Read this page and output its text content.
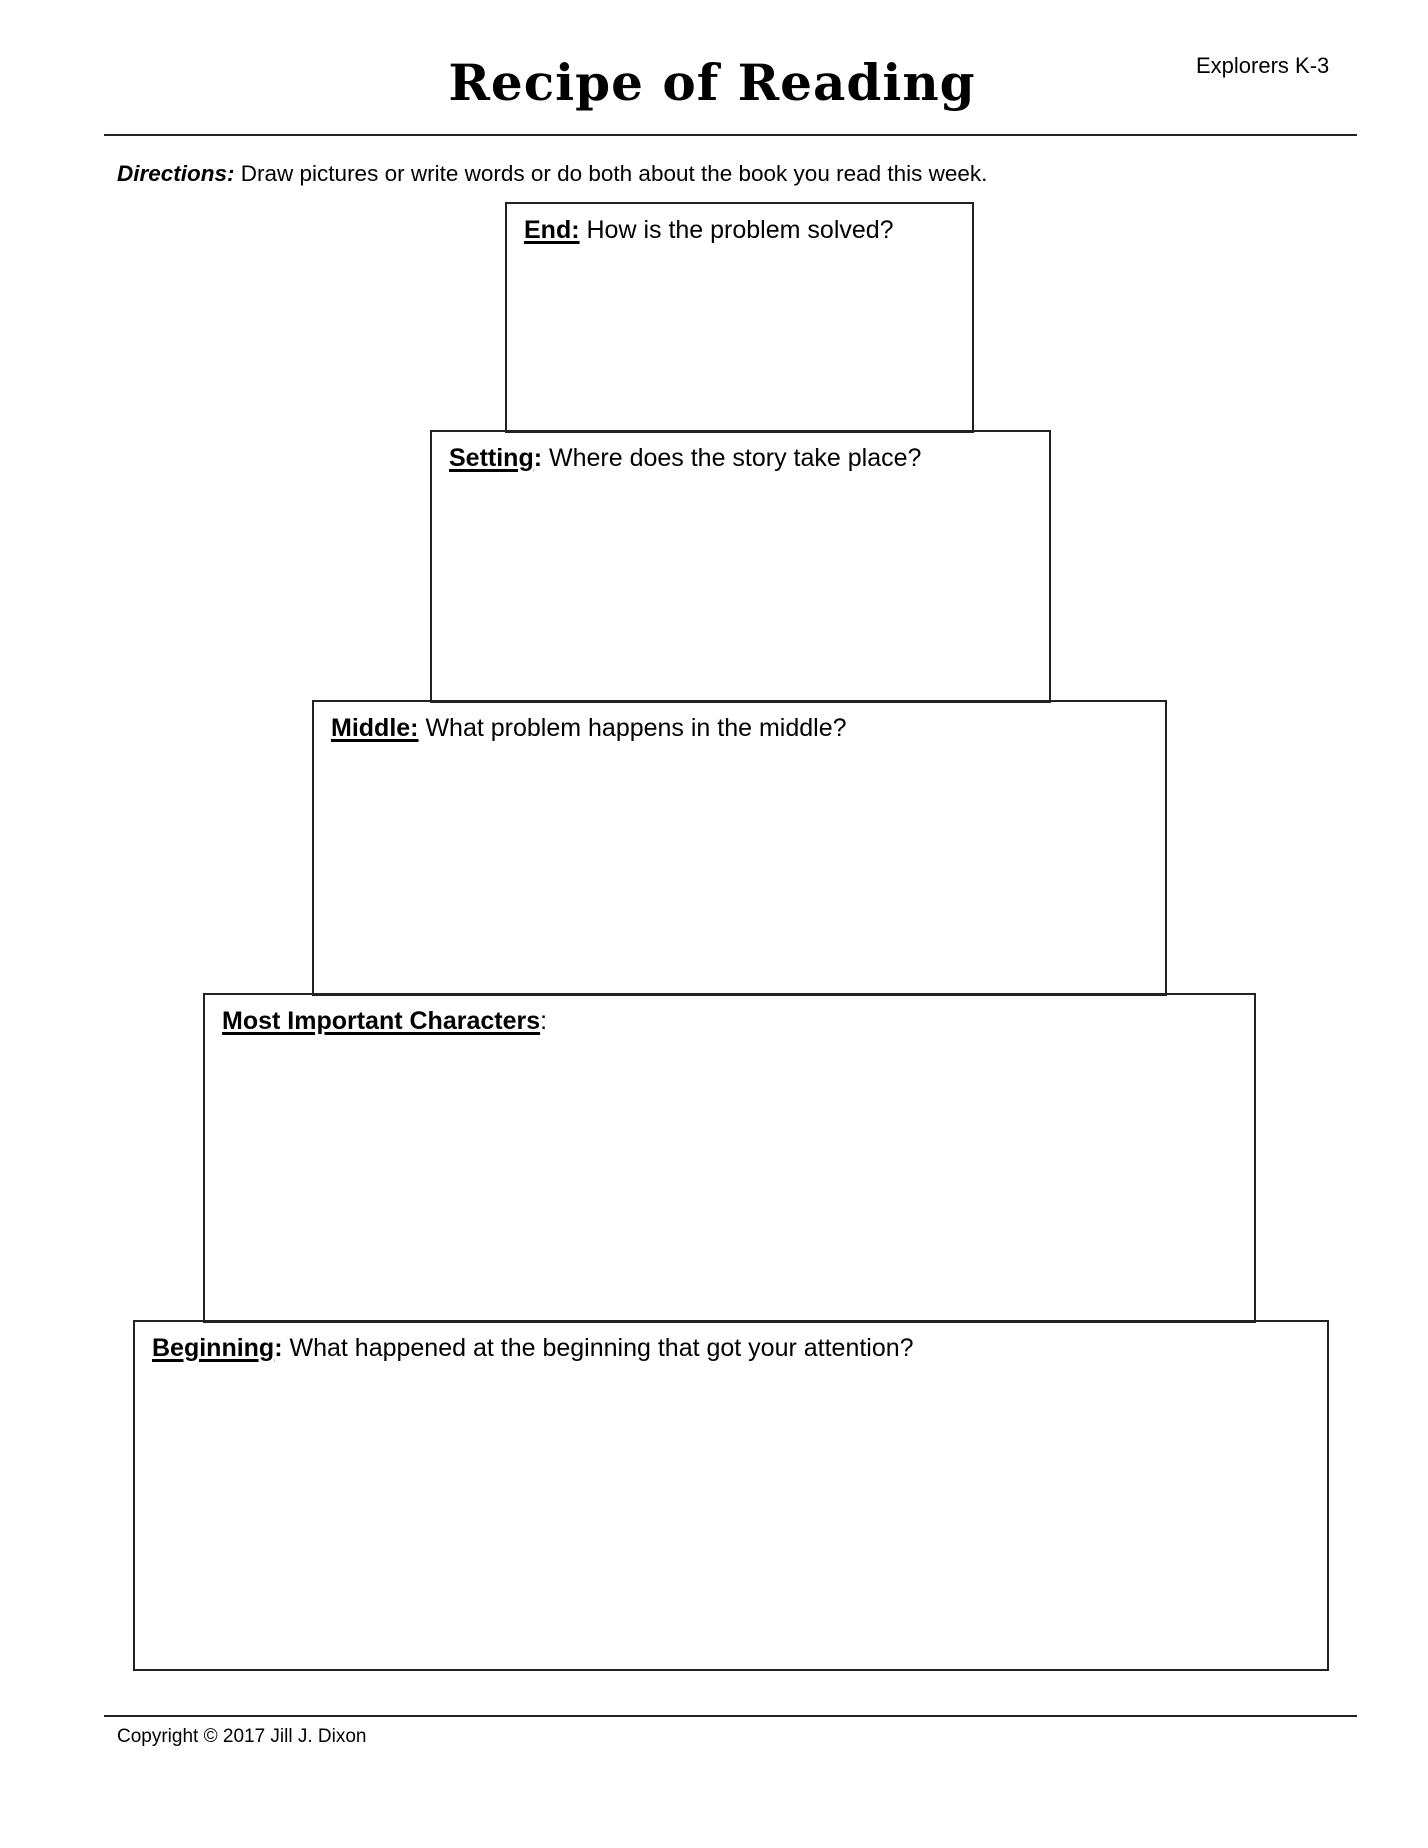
Recipe of Reading	Explorers K-3
Directions: Draw pictures or write words or do both about the book you read this week.
End: How is the problem solved?
Setting: Where does the story take place?
Middle: What problem happens in the middle?
Most Important Characters:
Beginning: What happened at the beginning that got your attention?
Copyright © 2017 Jill J. Dixon
